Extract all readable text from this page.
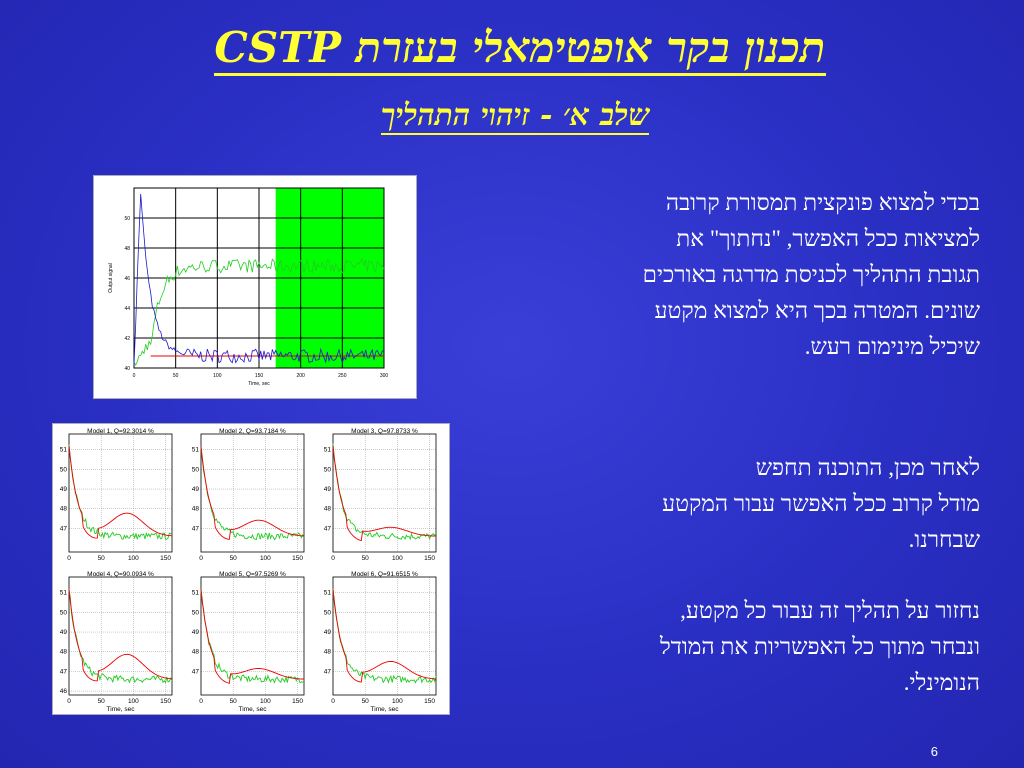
תכנון בקר אופטימאלי בעזרת CSTP
שלב א׳ - זיהוי התהליך
בכדי למצוא פונקצית תמסורת קרובה
למציאות ככל האפשר, "נחתוך" את
תגובת התהליך לכניסת מדרגה באורכים
שונים. המטרה בכך היא למצוא מקטע
שיכיל מינימום רעש.
לאחר מכן, התוכנה תחפש
מודל קרוב ככל האפשר עבור המקטע
שבחרנו.
נחזור על תהליך זה עבור כל מקטע,
ונבחר מתוך כל האפשריות את המודל
הנומינלי.
6
0	50	100	150	200	250	300
50
48
46
44
42
40
Time, sec
Output signal
Model 1, Q=92.3014 %
0	50	100	150
51
50
49
48
47
Model 2, Q=93.7184 %
0	50	100	150
51
50
49
48
47
Model 3, Q=97.8733 %
0	50	100	150
51
50
49
48
47
Model 4, Q=90.0934 %
0	50	100	150
51
50
49
48
47
46
Time, sec
Model 5, Q=97.5269 %
0	50	100	150
51
50
49
48
47
Time, sec
Model 6, Q=91.6515 %
0	50	100	150
51
50
49
48
47
Time, sec
